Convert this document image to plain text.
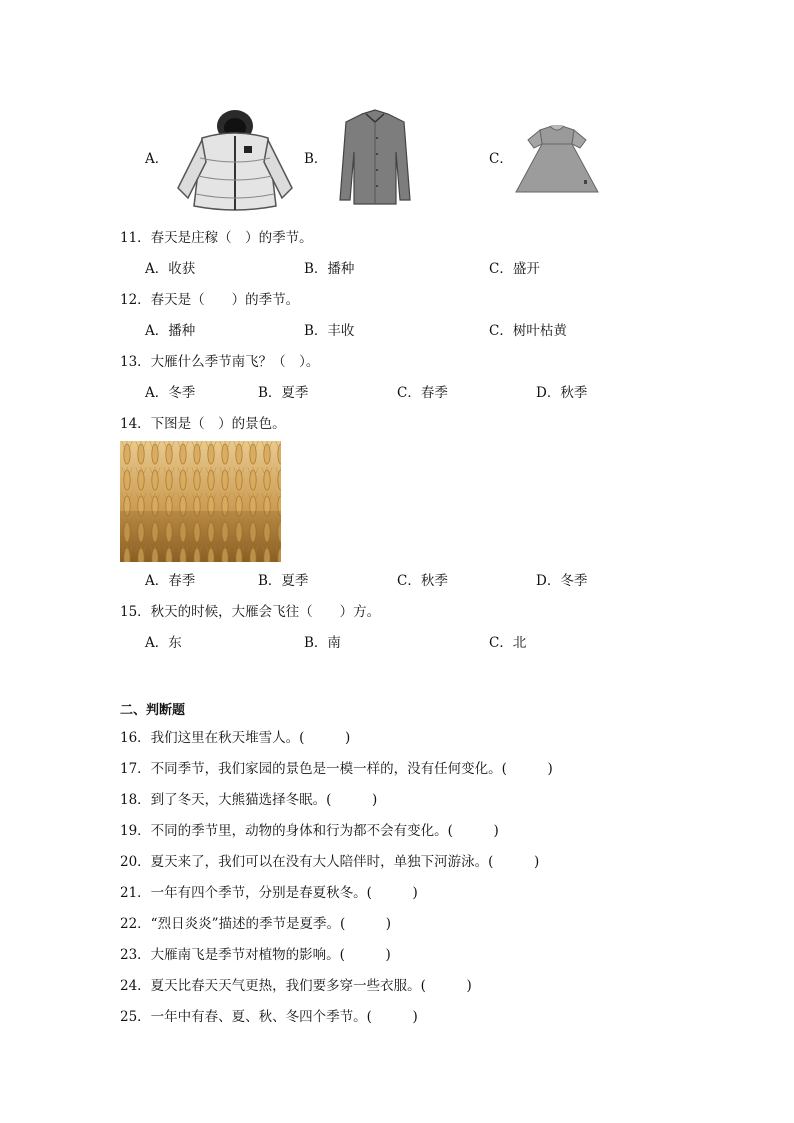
A．	B．	C．
11．春天是庄稼（　）的季节。
A．收获	B．播种	C．盛开
12．春天是（　　）的季节。
A．播种	B．丰收	C．树叶枯黄
13．大雁什么季节南飞？（　）。
A．冬季	B．夏季	C．春季	D．秋季
14．下图是（　）的景色。
A．春季	B．夏季	C．秋季	D．冬季
15．秋天的时候，大雁会飞往（　　）方。
A．东	B．南	C．北
二、判断题
16．我们这里在秋天堆雪人。(　　　)
17．不同季节，我们家园的景色是一模一样的，没有任何变化。(　　　)
18．到了冬天，大熊猫选择冬眠。(　　　)
19．不同的季节里，动物的身体和行为都不会有变化。(　　　)
20．夏天来了，我们可以在没有大人陪伴时，单独下河游泳。(　　　)
21．一年有四个季节，分别是春夏秋冬。(　　　)
22．“烈日炎炎”描述的季节是夏季。(　　　)
23．大雁南飞是季节对植物的影响。(　　　)
24．夏天比春天天气更热，我们要多穿一些衣服。(　　　)
25．一年中有春、夏、秋、冬四个季节。(　　　)
